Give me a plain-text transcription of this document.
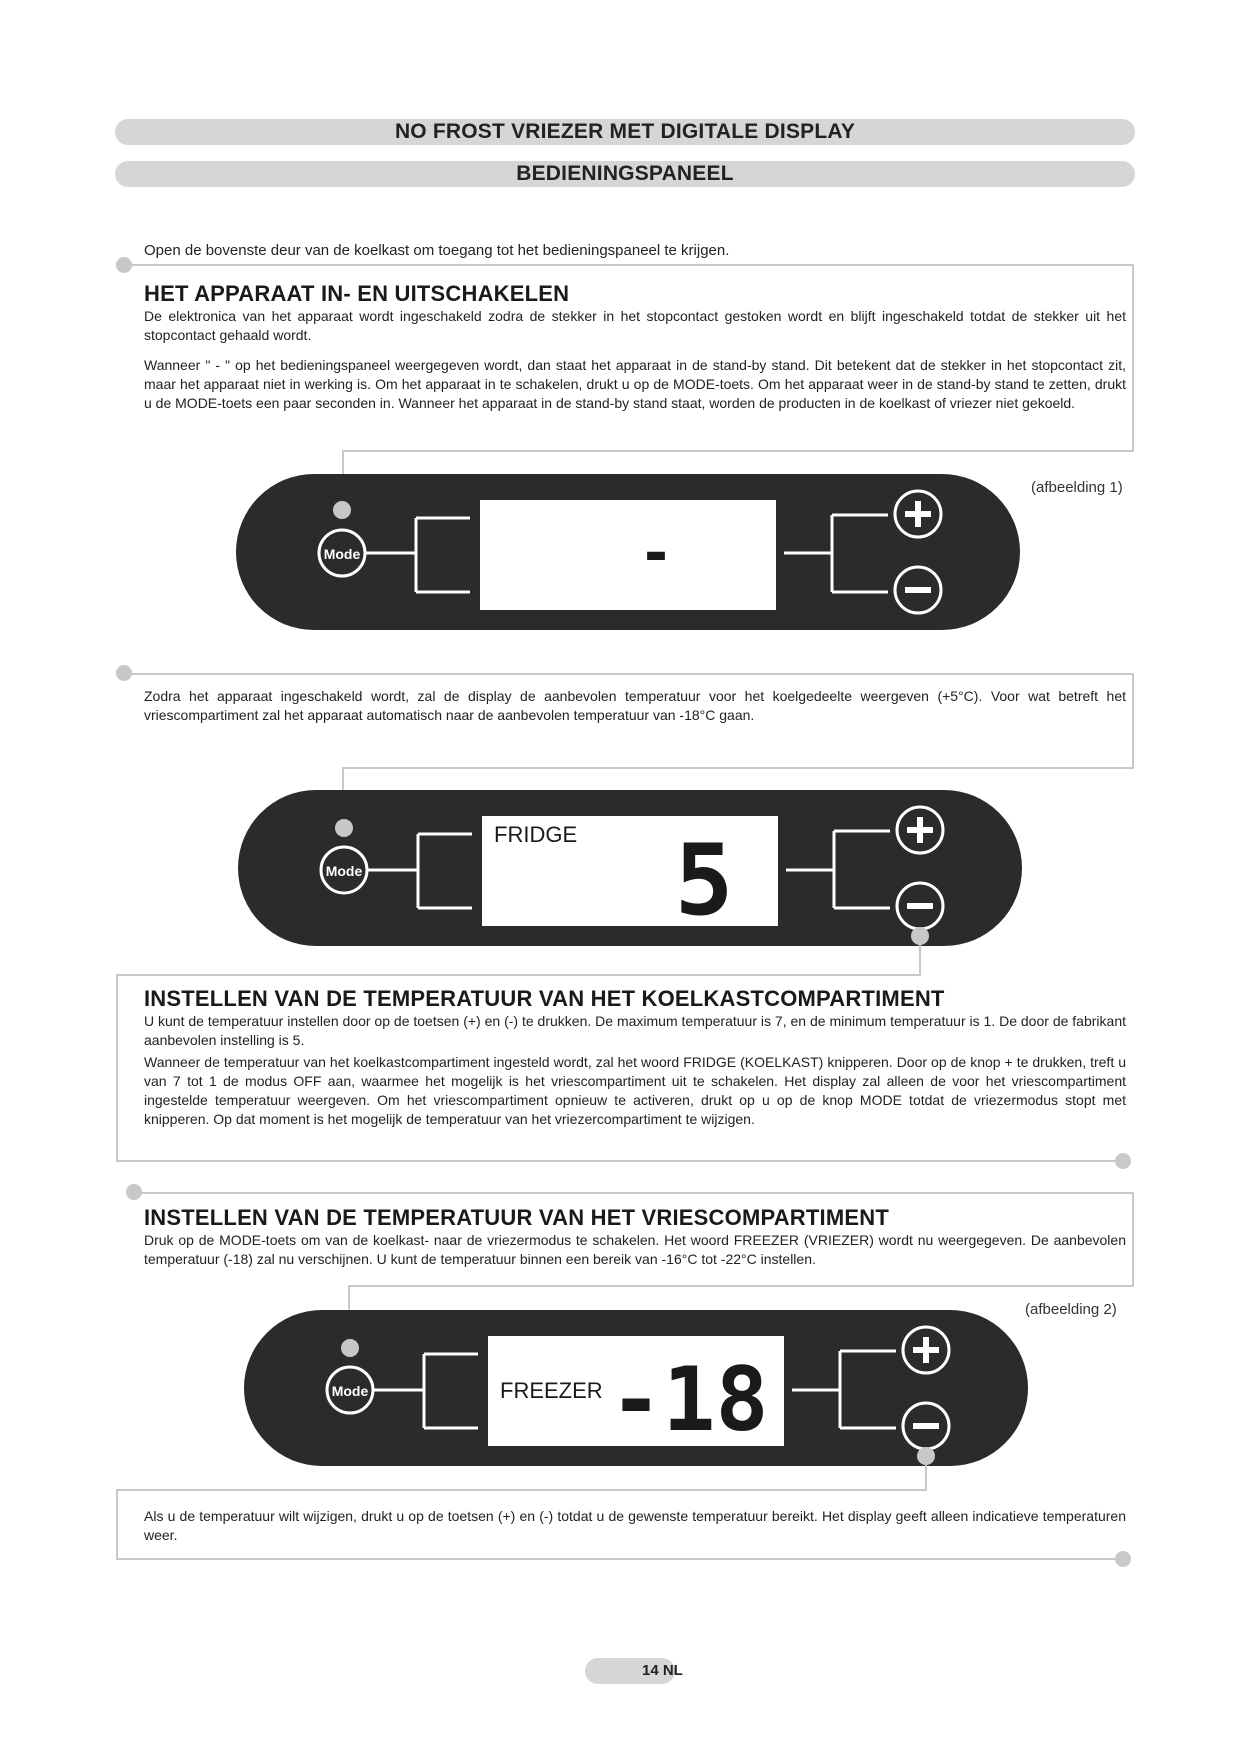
NO FROST VRIEZER MET DIGITALE DISPLAY
BEDIENINGSPANEEL
Open de bovenste deur van de koelkast om toegang tot het bedieningspaneel te krijgen.
HET APPARAAT IN- EN UITSCHAKELEN

De elektronica van het apparaat wordt ingeschakeld zodra de stekker in het stopcontact gestoken wordt en blijft ingeschakeld totdat de stekker uit het stopcontact gehaald wordt.

Wanneer " - " op het bedieningspaneel weergegeven wordt, dan staat het apparaat in de stand-by stand. Dit betekent dat de stekker in het stopcontact zit, maar het apparaat niet in werking is. Om het apparaat in te schakelen, drukt u op de MODE-toets. Om het apparaat weer in de stand-by stand te zetten, drukt u de MODE-toets een paar seconden in. Wanneer het apparaat in de stand-by stand staat, worden de producten in de koelkast of vriezer niet gekoeld.

(afbeelding 1)
Mode	-

Zodra het apparaat ingeschakeld wordt, zal de display de aanbevolen temperatuur voor het koelgedeelte weergeven (+5°C). Voor wat betreft het vriescompartiment zal het apparaat automatisch naar de aanbevolen temperatuur van -18°C gaan.

Mode
FRIDGE 5
INSTELLEN VAN DE TEMPERATUUR VAN HET KOELKASTCOMPARTIMENT

U kunt de temperatuur instellen door op de toetsen (+) en (-) te drukken. De maximum temperatuur is 7, en de minimum temperatuur is 1. De door de fabrikant aanbevolen instelling is 5.

Wanneer de temperatuur van het koelkastcompartiment ingesteld wordt, zal het woord FRIDGE (KOELKAST) knipperen. Door op de knop + te drukken, treft u van 7 tot 1 de modus OFF aan, waarmee het mogelijk is het vriescompartiment uit te schakelen. Het display zal alleen de voor het vriescompartiment ingestelde temperatuur weergeven. Om het vriescompartiment opnieuw te activeren, drukt op u op de knop MODE totdat de vriezermodus stopt met knipperen. Op dat moment is het mogelijk de temperatuur van het vriezercompartiment te wijzigen.

INSTELLEN VAN DE TEMPERATUUR VAN HET VRIESCOMPARTIMENT

Druk op de MODE-toets om van de koelkast- naar de vriezermodus te schakelen. Het woord FREEZER (VRIEZER) wordt nu weergegeven. De aanbevolen temperatuur (-18) zal nu verschijnen. U kunt de temperatuur binnen een bereik van -16°C tot -22°C instellen.

(afbeelding 2)
Mode	FREEZER -18

Als u de temperatuur wilt wijzigen, drukt u op de toetsen (+) en (-) totdat u de gewenste temperatuur bereikt. Het display geeft alleen indicatieve temperaturen weer.

14 NL
